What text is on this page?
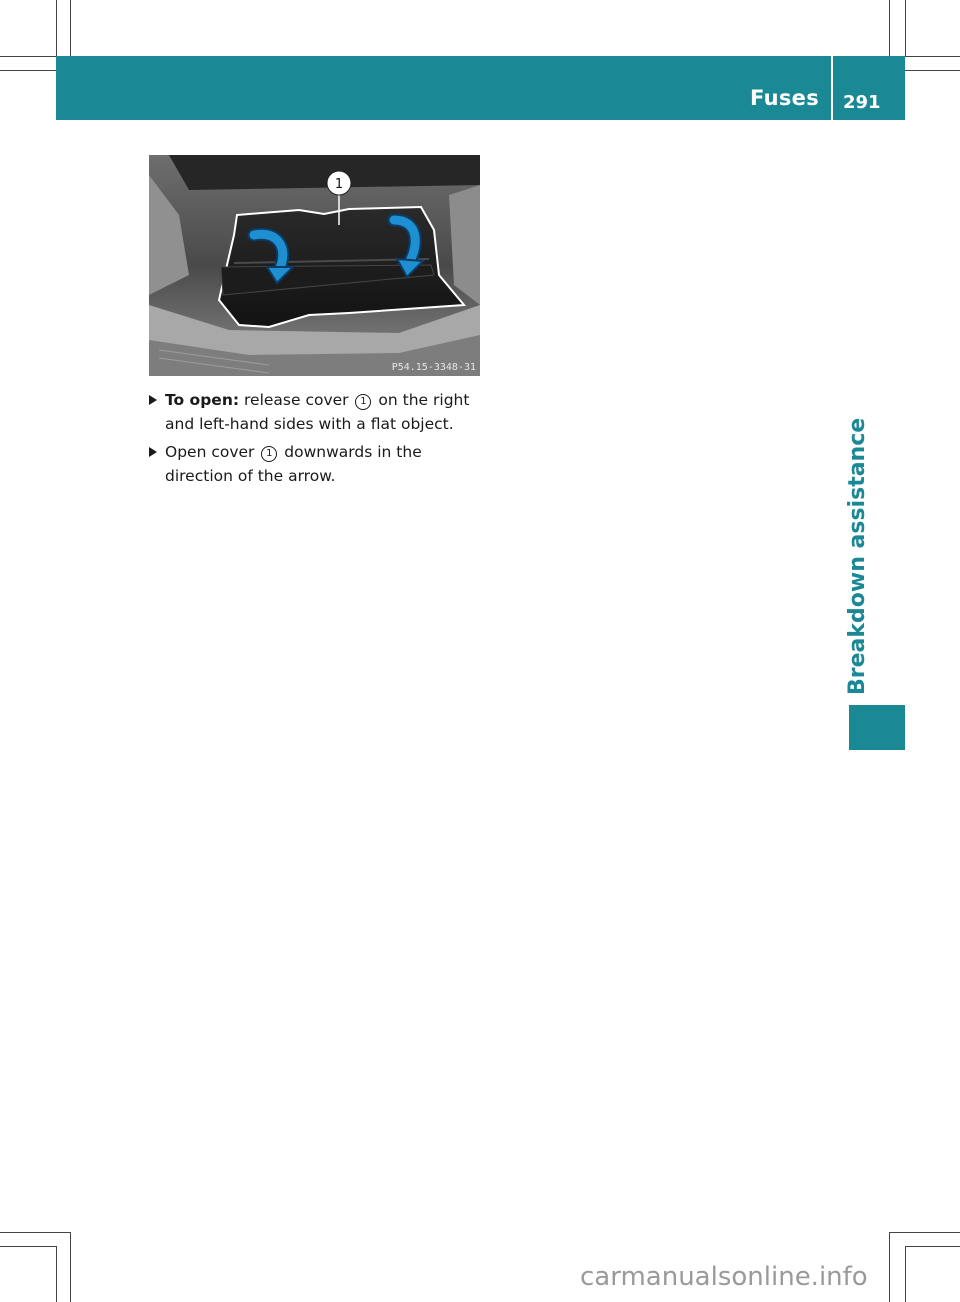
Fuses 291
Breakdown assistance
1
P54.15-3348-31
To open: release cover 1 on the right and left-hand sides with a flat object.
Open cover 1 downwards in the direction of the arrow.
carmanualsonline.info
